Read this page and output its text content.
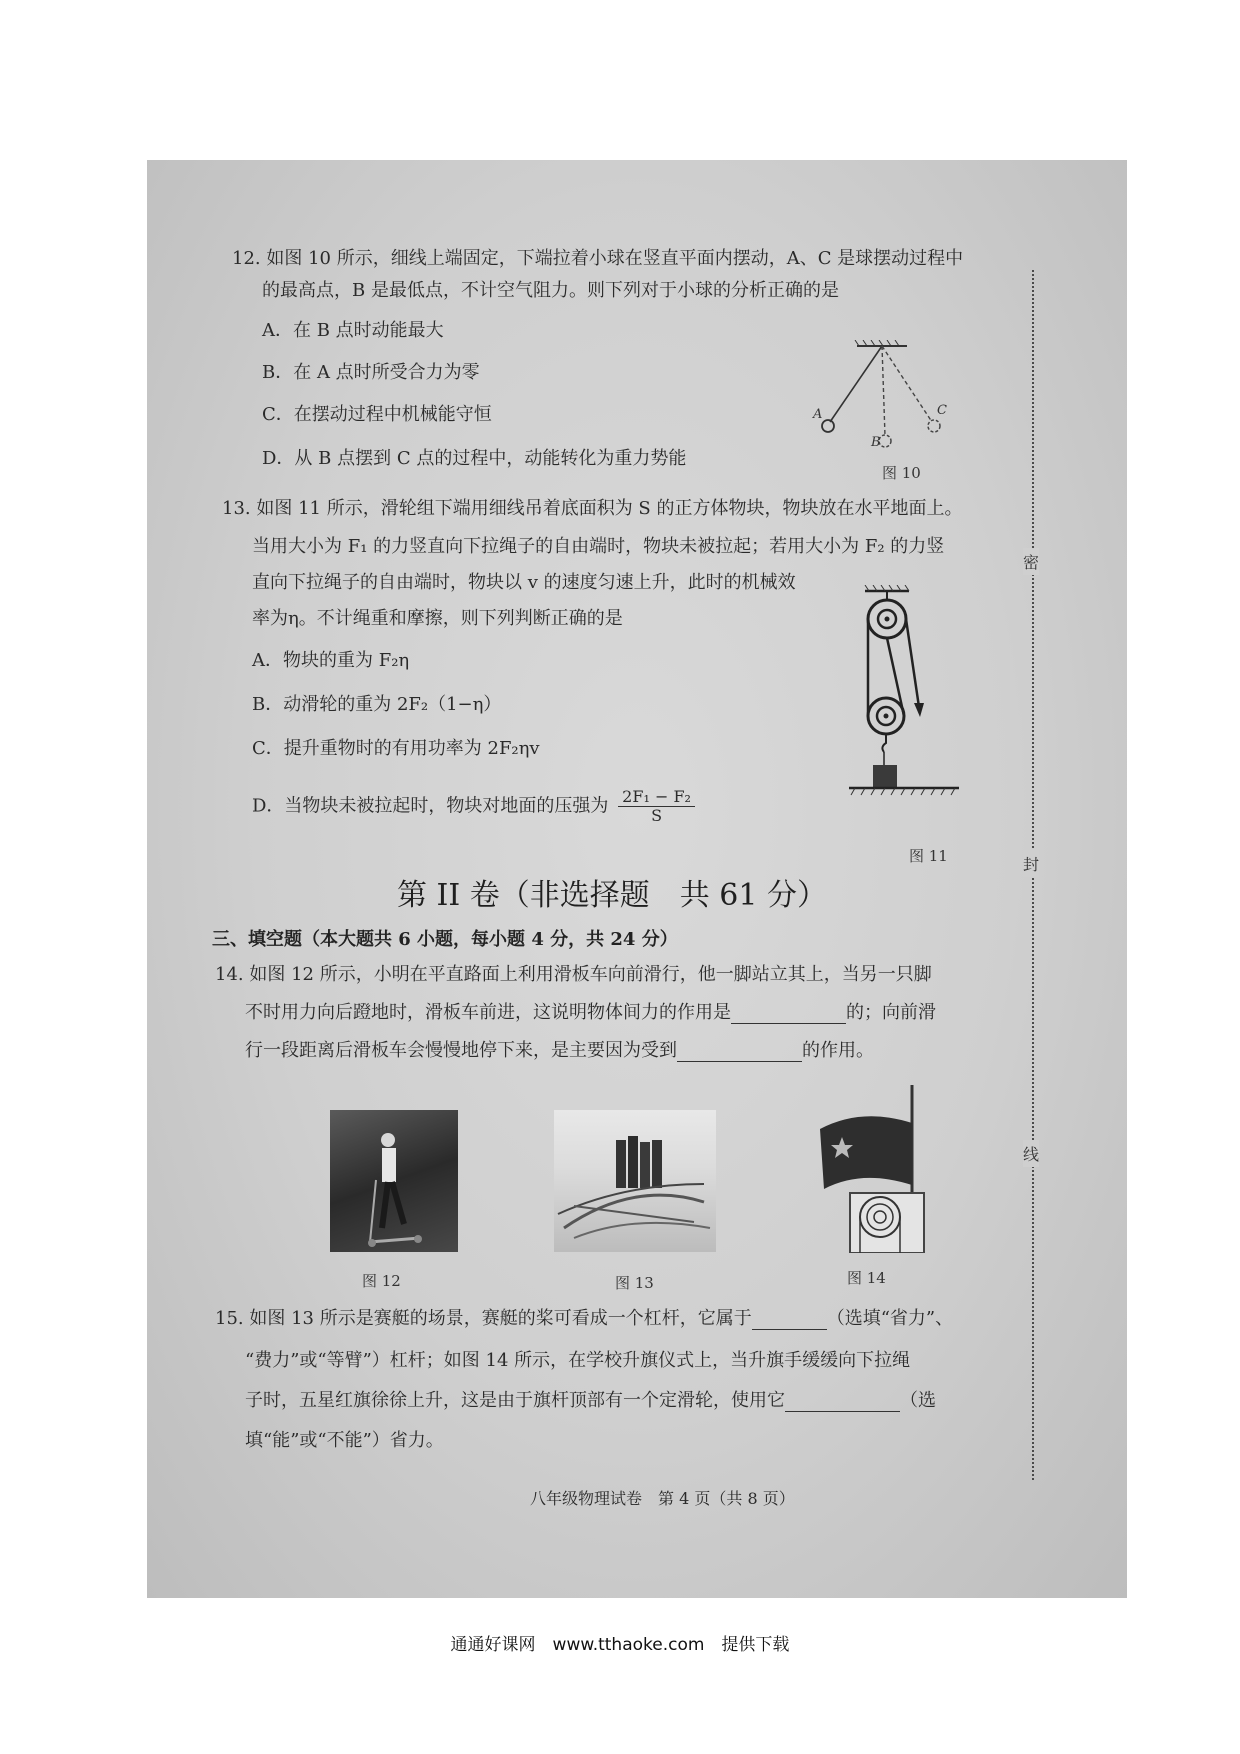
12. 如图 10 所示，细线上端固定，下端拉着小球在竖直平面内摆动，A、C 是球摆动过程中
的最高点，B 是最低点，不计空气阻力。则下列对于小球的分析正确的是
A．在 B 点时动能最大
B．在 A 点时所受合力为零
C．在摆动过程中机械能守恒
D．从 B 点摆到 C 点的过程中，动能转化为重力势能
A
B
C
图 10
13. 如图 11 所示，滑轮组下端用细线吊着底面积为 S 的正方体物块，物块放在水平地面上。
当用大小为 F₁ 的力竖直向下拉绳子的自由端时，物块未被拉起；若用大小为 F₂ 的力竖
直向下拉绳子的自由端时，物块以 v 的速度匀速上升，此时的机械效
率为η。不计绳重和摩擦，则下列判断正确的是
A．物块的重为 F₂η
B．动滑轮的重为 2F₂（1−η）
C．提升重物时的有用功率为 2F₂ηv
D．当物块未被拉起时，物块对地面的压强为 $\frac{\text{2F₁ − F₂}}{S}$
图 11
第 II 卷（非选择题　共 61 分）
三、填空题（本大题共 6 小题，每小题 4 分，共 24 分）
14. 如图 12 所示，小明在平直路面上利用滑板车向前滑行，他一脚站立其上，当另一只脚
不时用力向后蹬地时，滑板车前进，这说明物体间力的作用是	的；向前滑
行一段距离后滑板车会慢慢地停下来，是主要因为受到	的作用。
图 12	图 13	图 14
15. 如图 13 所示是赛艇的场景，赛艇的桨可看成一个杠杆，它属于	（选填“省力”、
“费力”或“等臂”）杠杆；如图 14 所示，在学校升旗仪式上，当升旗手缓缓向下拉绳
子时，五星红旗徐徐上升，这是由于旗杆顶部有一个定滑轮，使用它	（选
填“能”或“不能”）省力。
八年级物理试卷　第 4 页（共 8 页）
密
封
线
通通好课网　www.tthaoke.com　提供下载
